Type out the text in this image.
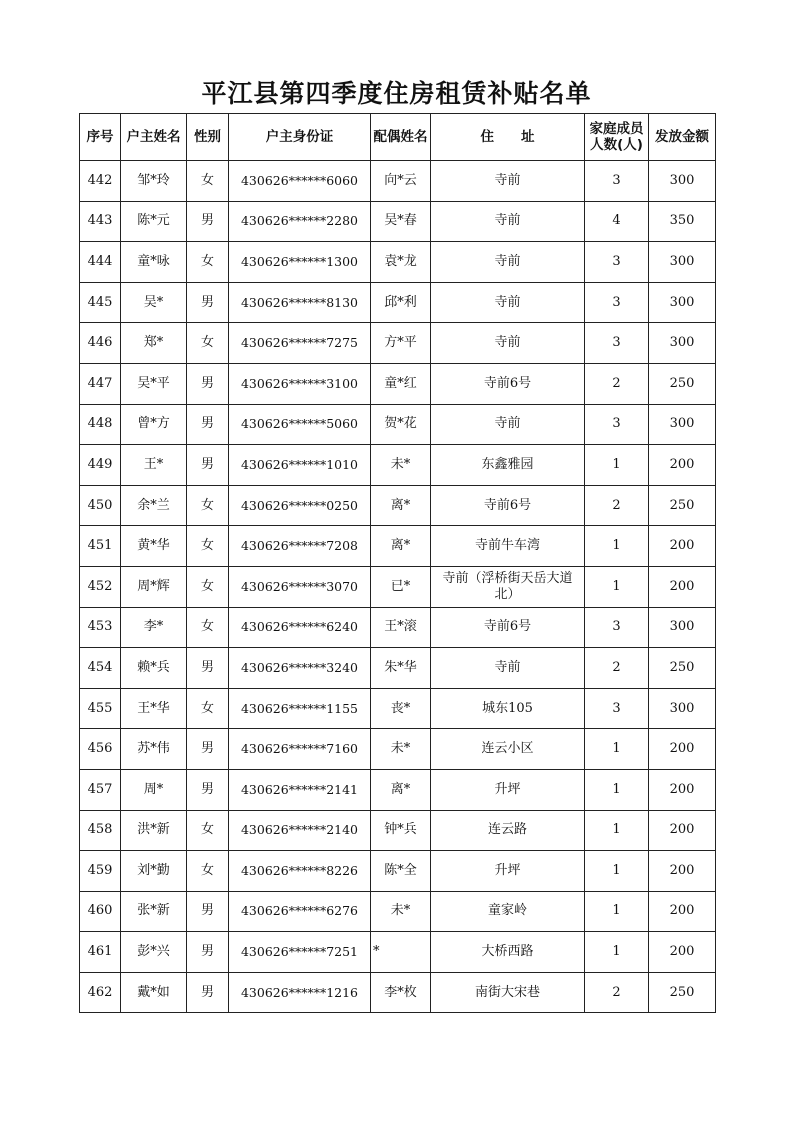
平江县第四季度住房租赁补贴名单
序号	户主姓名	性别	户主身份证	配偶姓名	住　　址	家庭成员人数(人)	发放金额
442	邹*玲	女	430626******6060	向*云	寺前	3	300
443	陈*元	男	430626******2280	吴*春	寺前	4	350
444	童*咏	女	430626******1300	袁*龙	寺前	3	300
445	吴*	男	430626******8130	邱*利	寺前	3	300
446	郑*	女	430626******7275	方*平	寺前	3	300
447	吴*平	男	430626******3100	童*红	寺前6号	2	250
448	曾*方	男	430626******5060	贺*花	寺前	3	300
449	王*	男	430626******1010	未*	东鑫雅园	1	200
450	余*兰	女	430626******0250	离*	寺前6号	2	250
451	黄*华	女	430626******7208	离*	寺前牛车湾	1	200
452	周*辉	女	430626******3070	已*	寺前（浮桥街天岳大道北）	1	200
453	李*	女	430626******6240	王*滚	寺前6号	3	300
454	赖*兵	男	430626******3240	朱*华	寺前	2	250
455	王*华	女	430626******1155	丧*	城东105	3	300
456	苏*伟	男	430626******7160	未*	连云小区	1	200
457	周*	男	430626******2141	离*	升坪	1	200
458	洪*新	女	430626******2140	钟*兵	连云路	1	200
459	刘*勤	女	430626******8226	陈*全	升坪	1	200
460	张*新	男	430626******6276	未*	童家岭	1	200
461	彭*兴	男	430626******7251	*	大桥西路	1	200
462	戴*如	男	430626******1216	李*枚	南街大宋巷	2	250
